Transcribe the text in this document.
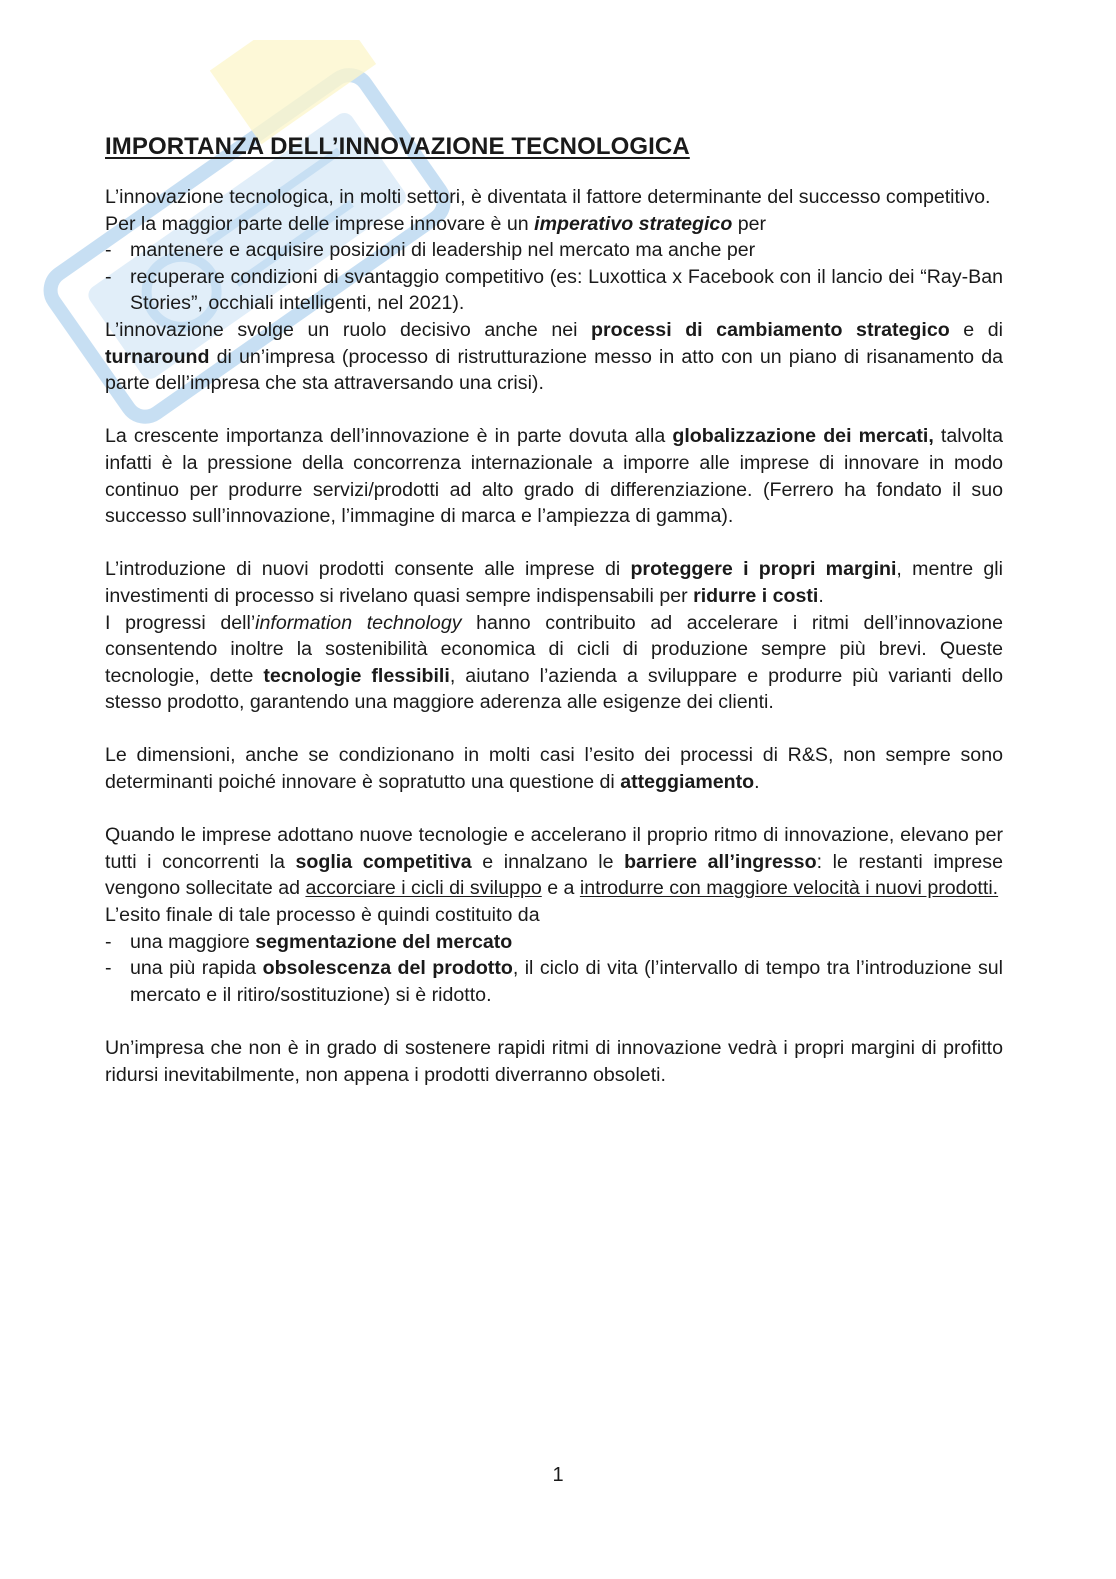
IMPORTANZA DELL’INNOVAZIONE TECNOLOGICA

L’innovazione tecnologica, in molti settori, è diventata il fattore determinante del successo competitivo.

Per la maggior parte delle imprese innovare è un imperativo strategico per

- mantenere e acquisire posizioni di leadership nel mercato ma anche per
- recuperare condizioni di svantaggio competitivo (es: Luxottica x Facebook con il lancio dei “Ray-Ban Stories”, occhiali intelligenti, nel 2021).

L’innovazione svolge un ruolo decisivo anche nei processi di cambiamento strategico e di turnaround di un’impresa (processo di ristrutturazione messo in atto con un piano di risanamento da parte dell’impresa che sta attraversando una crisi).

La crescente importanza dell’innovazione è in parte dovuta alla globalizzazione dei mercati, talvolta infatti è la pressione della concorrenza internazionale a imporre alle imprese di innovare in modo continuo per produrre servizi/prodotti ad alto grado di differenziazione. (Ferrero ha fondato il suo successo sull’innovazione, l’immagine di marca e l’ampiezza di gamma).

L’introduzione di nuovi prodotti consente alle imprese di proteggere i propri margini, mentre gli investimenti di processo si rivelano quasi sempre indispensabili per ridurre i costi.

I progressi dell’information technology hanno contribuito ad accelerare i ritmi dell’innovazione consentendo inoltre la sostenibilità economica di cicli di produzione sempre più brevi. Queste tecnologie, dette tecnologie flessibili, aiutano l’azienda a sviluppare e produrre più varianti dello stesso prodotto, garantendo una maggiore aderenza alle esigenze dei clienti.

Le dimensioni, anche se condizionano in molti casi l’esito dei processi di R&S, non sempre sono determinanti poiché innovare è sopratutto una questione di atteggiamento.

Quando le imprese adottano nuove tecnologie e accelerano il proprio ritmo di innovazione, elevano per tutti i concorrenti la soglia competitiva e innalzano le barriere all’ingresso: le restanti imprese vengono sollecitate ad accorciare i cicli di sviluppo e a introdurre con maggiore velocità i nuovi prodotti.

L’esito finale di tale processo è quindi costituito da

- una maggiore segmentazione del mercato
- una più rapida obsolescenza del prodotto, il ciclo di vita (l’intervallo di tempo tra l’introduzione sul mercato e il ritiro/sostituzione) si è ridotto.

Un’impresa che non è in grado di sostenere rapidi ritmi di innovazione vedrà i propri margini di profitto ridursi inevitabilmente, non appena i prodotti diverranno obsoleti.

1
